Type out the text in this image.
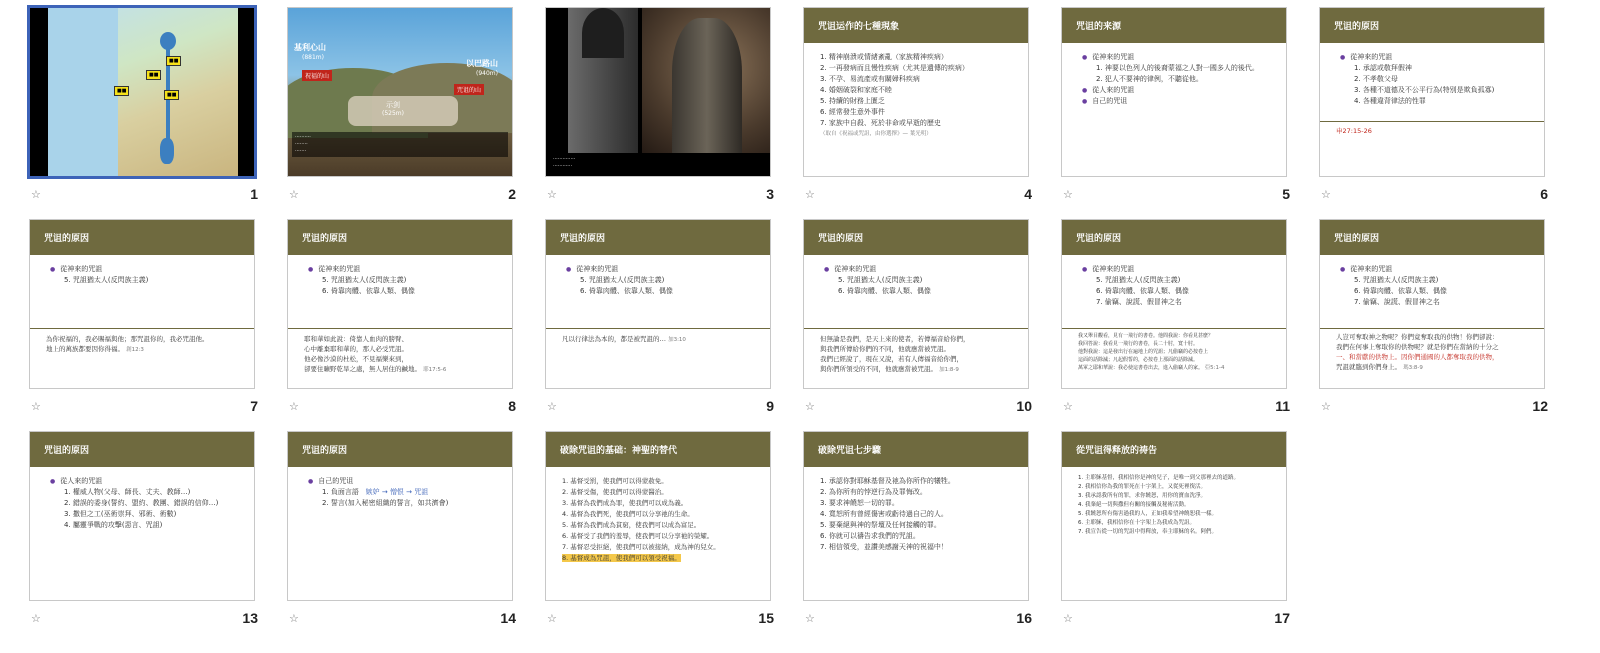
■■
■■
■■
■■
☆	1
基利心山
(881m)
祝福的山
以巴路山
(940m)
咒诅的山
示剑
(525m)
··········
········
·······
☆	2
··············
············
☆	3
咒诅运作的七種現象
1. 精神崩溃或情緒紊亂（家族精神疾病）
2. 一再發病而且慢性疾病（尤其是遺傳的疾病）
3. 不孕、易流產或有關婦科疾病
4. 婚姻破裂和家庭不睦
5. 持續的財務上匱乏
6. 經常發生意外事件
7. 家族中自殺、死於非命或早逝的歷史
（取自《祝福或咒詛，由你選擇》— 葉光明）
☆	4
咒诅的来源
● 從神來的咒詛
1. 神要以色列人的後裔蒙福之人對一國多人的後代。
2. 犯人不要神的律例，不聽從他。
● 從人來的咒詛
● 自己的咒诅
☆	5
咒诅的原因
● 從神來的咒詛
1. 承認或敬拜假神
2. 不孝敬父母
3. 各種不道德及不公平行為(特別是欺負孤寡)
4. 各種違背律法的性罪
申27:15-26
☆	6
咒诅的原因
● 從神來的咒詛
5. 咒詛猶太人(反閃族主義)
為你祝福的，我必賜福與他；那咒詛你的，我必咒詛他。
地上的萬族都要因你得福。 創12:3
☆	7
咒诅的原因
● 從神來的咒詛
5. 咒詛猶太人(反閃族主義)
6. 倚靠肉體、依靠人類、偶像
耶和華如此說：倚靠人血肉的膀臂、
心中離棄耶和華的，那人必受咒詛。
他必像沙漠的杜松，不見福樂來到，
卻要住曠野乾旱之處，無人居住的鹹地。 耶17:5-6
☆	8
咒诅的原因
● 從神來的咒詛
5. 咒詛猶太人(反閃族主義)
6. 倚靠肉體、依靠人類、偶像
凡以行律法為本的，都是被咒詛的… 加3:10
☆	9
咒诅的原因
● 從神來的咒詛
5. 咒詛猶太人(反閃族主義)
6. 倚靠肉體、依靠人類、偶像
但無論是我們，是天上來的使者，若傳福音給你們，
與我們所傳給你們的不同，他就應當被咒詛。
我們已經說了，現在又說，若有人傳福音給你們，
與你們所領受的不同，他就應當被咒詛。 加1:8-9
☆	10
咒诅的原因
● 從神來的咒詛
5. 咒詛猶太人(反閃族主義)
6. 倚靠肉體、依靠人類、偶像
7. 偷竊、說謊、假冒神之名
我又舉目觀看，見有一飛行的書卷。他問我說：你看見甚麼？
我回答說：我看見一飛行的書卷，長二十肘，寬十肘。
他對我說：這是發出行在遍地上的咒詛；凡偷竊的必按卷上
這面的話除滅；凡起假誓的，必按卷上那面的話除滅。
萬軍之耶和華說：我必使這書卷出去，進入偷竊人的家。 亞5:1-4
☆	11
咒诅的原因
● 從神來的咒詛
5. 咒詛猶太人(反閃族主義)
6. 倚靠肉體、依靠人類、偶像
7. 偷竊、說謊、假冒神之名
人豈可奪取神之物呢？你們竟奪取我的供物！你們卻說：
我們在何事上奪取你的供物呢？就是你們在當納的十分之
一、和當獻的供物上。因你們通國的人都奪取我的供物，
咒詛就臨到你們身上。 瑪3:8-9
☆	12
咒诅的原因
● 從人來的咒詛
1. 權威人物(父母、師長、丈夫、教師…)
2. 錯誤的委身(誓約、盟約、教團、錯誤的信仰…)
3. 撒但之工(巫術崇拜、邪術、術數)
4. 屬靈爭戰的攻擊(惡言、咒詛)
☆	13
咒诅的原因
● 自己的咒诅
1. 負面言語 嫉妒 → 憎恨 → 咒詛
2. 誓言(加入秘密組織的誓言，如共濟會)
☆	14
破除咒诅的基础：神聖的替代
1. 基督受罰，使我們可以得蒙赦免。
2. 基督受傷，使我們可以得蒙醫治。
3. 基督為我們成為罪，使我們可以成為義。
4. 基督為我們死，使我們可以分享祂的生命。
5. 基督為我們成為貧窮，使我們可以成為富足。
6. 基督受了我們的羞辱，使我們可以分享祂的榮耀。
7. 基督忍受拒絕，使我們可以被接納，成為神的兒女。
8. 基督成為咒詛，使我們可以領受祝福。
☆	15
破除咒诅七步驟
1. 承認你對耶穌基督及祂為你所作的犧牲。
2. 為你所有的悖逆行為及罪悔改。
3. 要求神饒恕一切的罪。
4. 寬恕所有曾經傷害或虧待過自己的人。
5. 要棄絕與神的祭壇及任何接觸的罪。
6. 你就可以禱告求我們的咒詛。
7. 相信領受，並讚美感謝天神的祝福中！
☆	16
從咒诅得释放的祷告
1. 主耶穌基督，我相信你是神的兒子，是唯一到父那裡去的道路。
2. 我相信你為我的罪死在十字架上，又從死裡復活。
3. 我承認我所有的罪，求你饒恕，用你的寶血洗淨。
4. 我棄絕一切與撒但有關的接觸及秘術活動。
5. 我饒恕所有傷害過我的人，正如我希望神饒恕我一樣。
6. 主耶穌，我相信你在十字架上為我成為咒詛。
7. 我宣告從一切的咒詛中得釋放，奉主耶穌的名。阿們。
☆	17
